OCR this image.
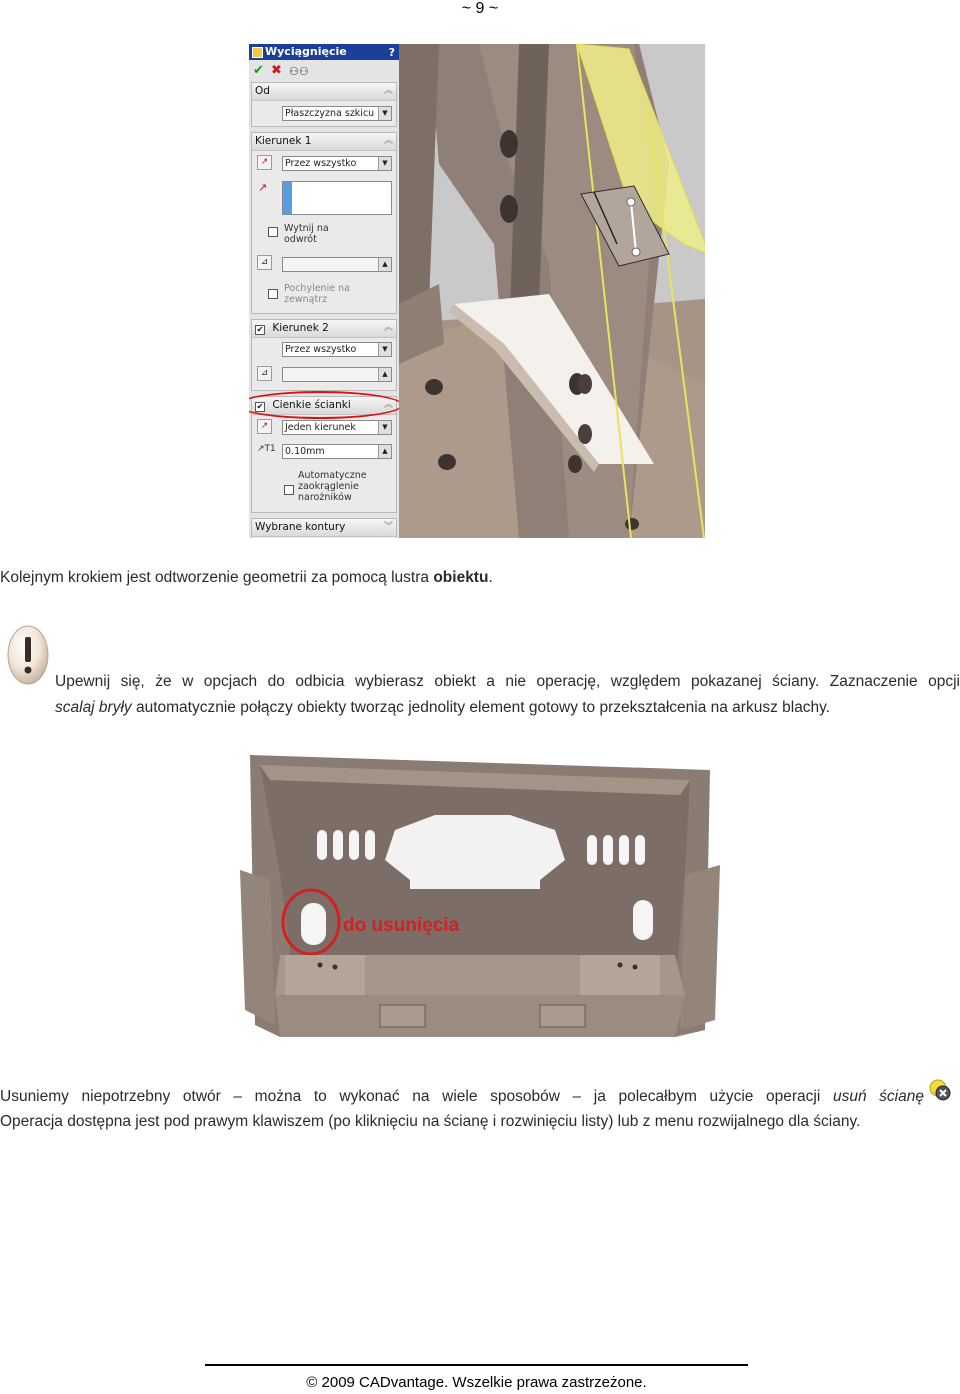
~ 9 ~
Wyciągnięcie	?
✔ ✖ ⚇⚇
Od	︽
Płaszczyzna szkicu	▼
Kierunek 1	︽
↗	Przez wszystko	▼
↗
Wytnij na odwrót
⊿	▲
Pochylenie na zewnątrz
✔ Kierunek 2	︽
Przez wszystko	▼
⊿	▲
✔ Cienkie ścianki	︽
↗	Jeden kierunek	▼
↗T1 0.10mm	▲
Automatyczne zaokrąglenie narożników
Wybrane kontury	︾
Kolejnym krokiem jest odtworzenie geometrii za pomocą lustra obiektu.
Upewnij się, że w opcjach do odbicia wybierasz obiekt a nie operację, względem pokazanej ściany. Zaznaczenie opcji
scalaj bryły automatycznie połączy obiekty tworząc jednolity element gotowy to przekształcenia na arkusz blachy.
do usunięcia
Usuniemy niepotrzebny otwór – można to wykonać na wiele sposobów – ja polecałbym użycie operacji usuń ścianę
Operacja dostępna jest pod prawym klawiszem (po kliknięciu na ścianę i rozwinięciu listy) lub z menu rozwijalnego dla ściany.
© 2009 CADvantage. Wszelkie prawa zastrzeżone.
